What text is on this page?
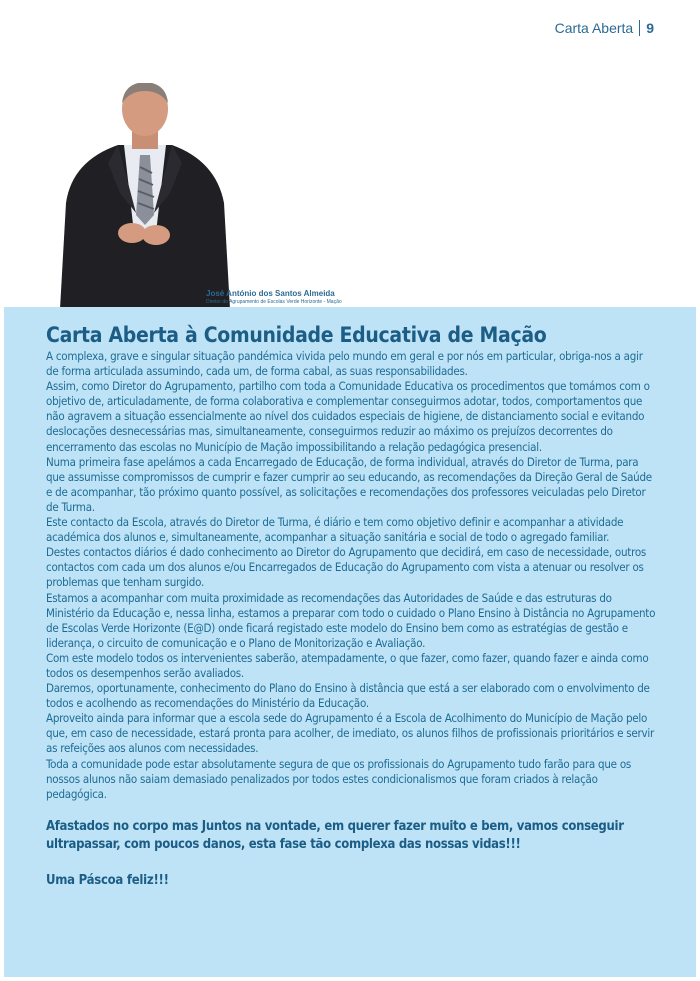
Carta Aberta 9
José António dos Santos Almeida
Diretor do Agrupamento de Escolas Verde Horizonte - Mação
Carta Aberta à Comunidade Educativa de Mação

A complexa, grave e singular situação pandémica vivida pelo mundo em geral e por nós em particular, obriga-nos a agir de forma articulada assumindo, cada um, de forma cabal, as suas responsabilidades.

Assim, como Diretor do Agrupamento, partilho com toda a Comunidade Educativa os procedimentos que tomámos com o objetivo de, articuladamente, de forma colaborativa e complementar conseguirmos adotar, todos, comportamentos que não agravem a situação essencialmente ao nível dos cuidados especiais de higiene, de distanciamento social e evitando deslocações desnecessárias mas, simultaneamente, conseguirmos reduzir ao máximo os prejuízos decorrentes do encerramento das escolas no Município de Mação impossibilitando a relação pedagógica presencial.

Numa primeira fase apelámos a cada Encarregado de Educação, de forma individual, através do Diretor de Turma, para que assumisse compromissos de cumprir e fazer cumprir ao seu educando, as recomendações da Direção Geral de Saúde e de acompanhar, tão próximo quanto possível, as solicitações e recomendações dos professores veiculadas pelo Diretor de Turma.

Este contacto da Escola, através do Diretor de Turma, é diário e tem como objetivo definir e acompanhar a atividade académica dos alunos e, simultaneamente, acompanhar a situação sanitária e social de todo o agregado familiar.

Destes contactos diários é dado conhecimento ao Diretor do Agrupamento que decidirá, em caso de necessidade, outros contactos com cada um dos alunos e/ou Encarregados de Educação do Agrupamento com vista a atenuar ou resolver os problemas que tenham surgido.

Estamos a acompanhar com muita proximidade as recomendações das Autoridades de Saúde e das estruturas do Ministério da Educação e, nessa linha, estamos a preparar com todo o cuidado o Plano Ensino à Distância no Agrupamento de Escolas Verde Horizonte (E@D) onde ficará registado este modelo do Ensino bem como as estratégias de gestão e liderança, o circuito de comunicação e o Plano de Monitorização e Avaliação.

Com este modelo todos os intervenientes saberão, atempadamente, o que fazer, como fazer, quando fazer e ainda como todos os desempenhos serão avaliados.

Daremos, oportunamente, conhecimento do Plano do Ensino à distância que está a ser elaborado com o envolvimento de todos e acolhendo as recomendações do Ministério da Educação.

Aproveito ainda para informar que a escola sede do Agrupamento é a Escola de Acolhimento do Município de Mação pelo que, em caso de necessidade, estará pronta para acolher, de imediato, os alunos filhos de profissionais prioritários e servir as refeições aos alunos com necessidades.

Toda a comunidade pode estar absolutamente segura de que os profissionais do Agrupamento tudo farão para que os nossos alunos não saiam demasiado penalizados por todos estes condicionalismos que foram criados à relação pedagógica.

Afastados no corpo mas Juntos na vontade, em querer fazer muito e bem, vamos conseguir ultrapassar, com poucos danos, esta fase tão complexa das nossas vidas!!!

Uma Páscoa feliz!!!
